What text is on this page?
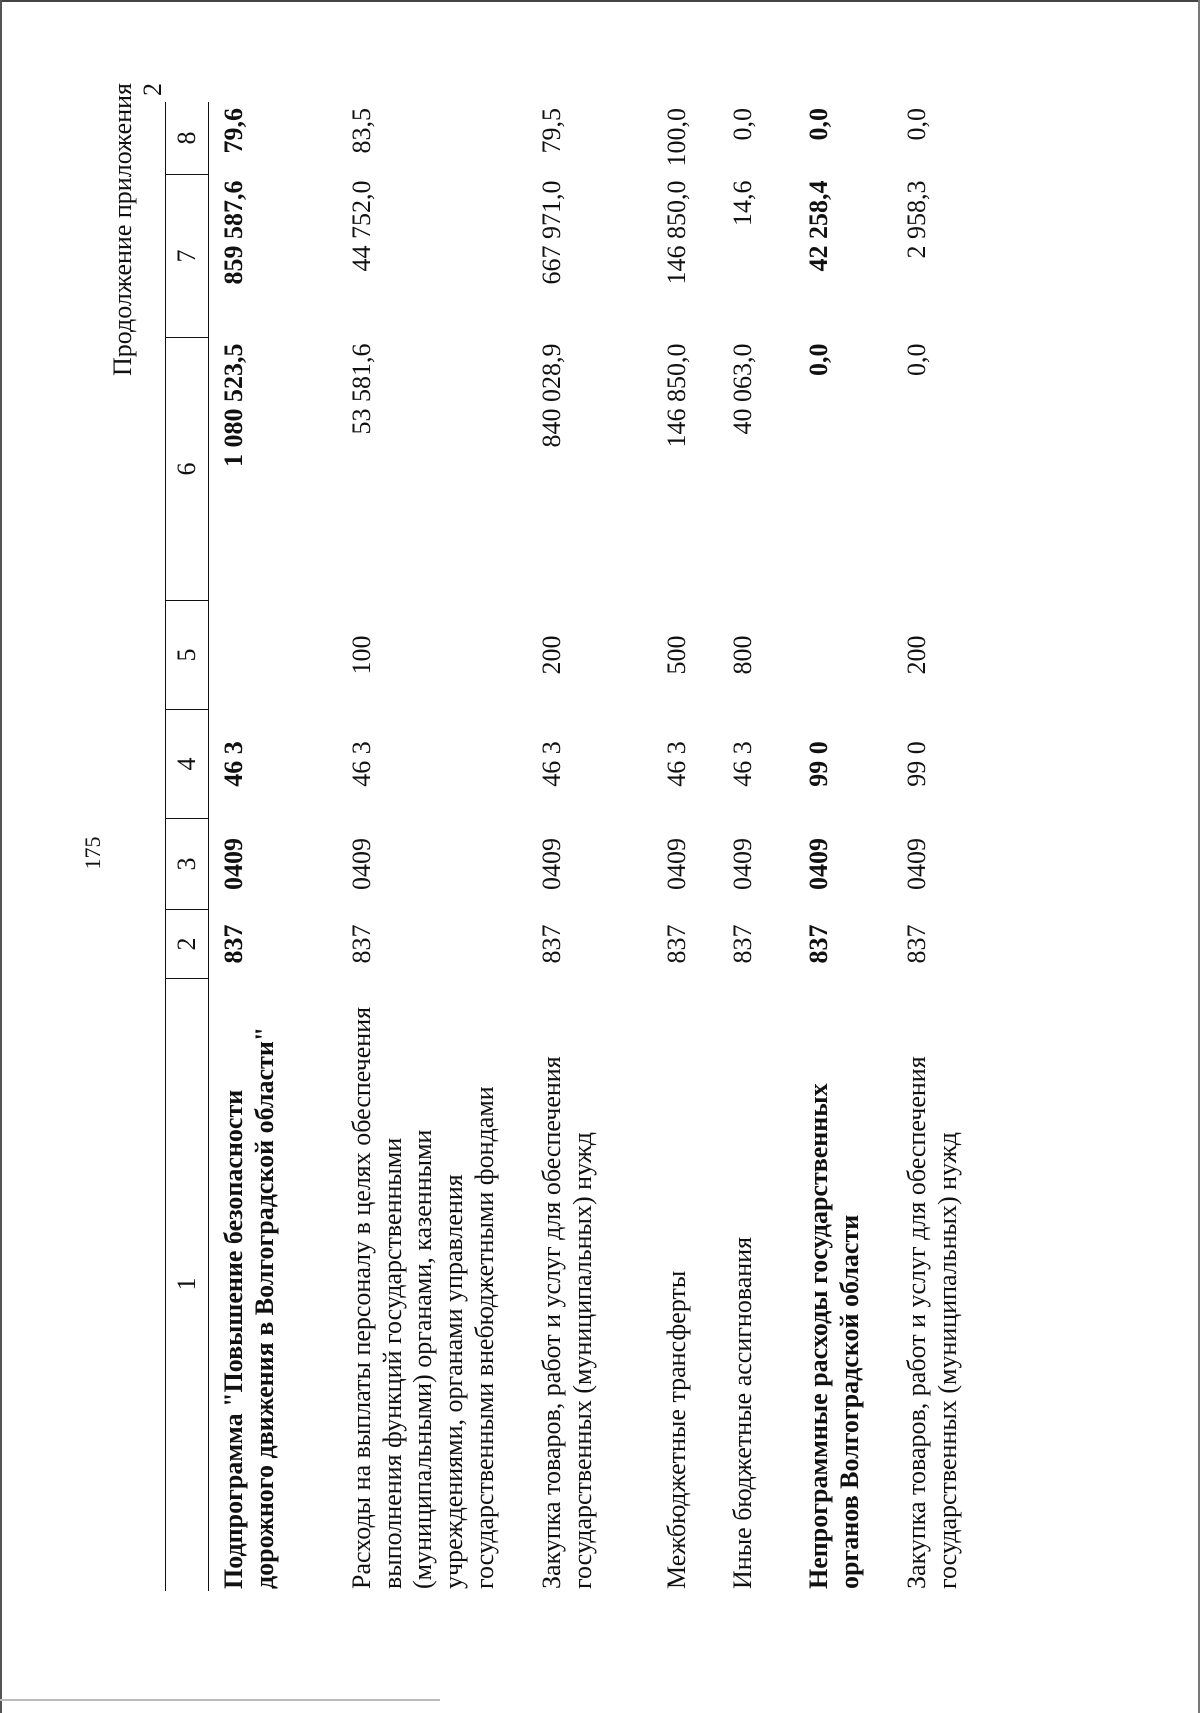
175
Продолжение приложения 2
1	2	3	4	5	6	7	8
Подпрограмма "Повышение безопасности дорожного движения в Волгоградской области"	837	0409	46 3		1 080 523,5	859 587,6	79,6
Расходы на выплаты персоналу в целях обеспечения выполнения функций государственными (муниципальными) органами, казенными учреждениями, органами управления государственными внебюджетными фондами	837	0409	46 3	100	53 581,6	44 752,0	83,5
Закупка товаров, работ и услуг для обеспечения государственных (муниципальных) нужд	837	0409	46 3	200	840 028,9	667 971,0	79,5
Межбюджетные трансферты	837	0409	46 3	500	146 850,0	146 850,0	100,0
Иные бюджетные ассигнования	837	0409	46 3	800	40 063,0	14,6	0,0
Непрограммные расходы государственных органов Волгоградской области	837	0409	99 0		0,0	42 258,4	0,0
Закупка товаров, работ и услуг для обеспечения государственных (муниципальных) нужд	837	0409	99 0	200	0,0	2 958,3	0,0
